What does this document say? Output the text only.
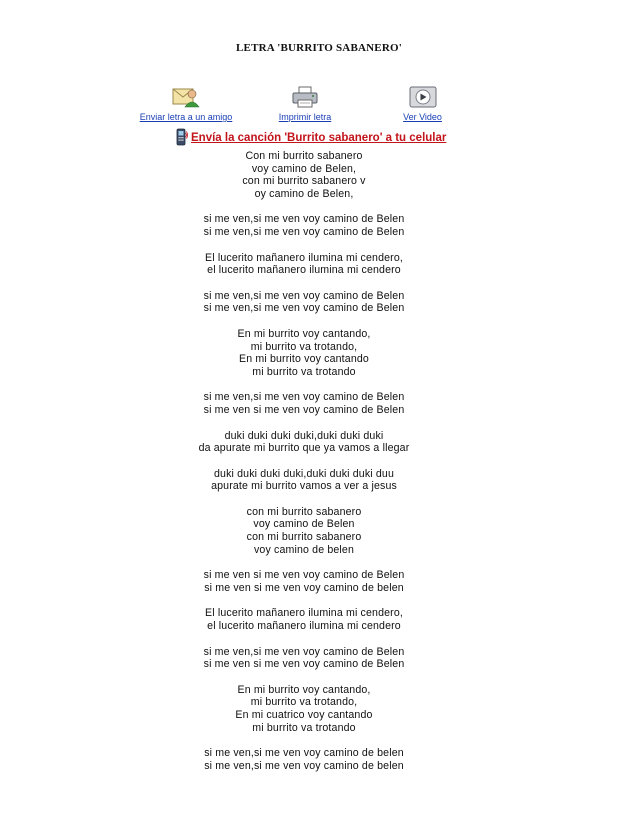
LETRA 'BURRITO SABANERO'
Enviar letra a un amigo	Imprimir letra	Ver Video
Envía la canción 'Burrito sabanero' a tu celular
Con mi burrito sabanero
voy camino de Belen,
con mi burrito sabanero v
oy camino de Belen,
si me ven,si me ven voy camino de Belen
si me ven,si me ven voy camino de Belen
El lucerito mañanero ilumina mi cendero,
el lucerito mañanero ilumina mi cendero
si me ven,si me ven voy camino de Belen
si me ven,si me ven voy camino de Belen
En mi burrito voy cantando,
mi burrito va trotando,
En mi burrito voy cantando
mi burrito va trotando
si me ven,si me ven voy camino de Belen
si me ven si me ven voy camino de Belen
duki duki duki duki,duki duki duki
da apurate mi burrito que ya vamos a llegar
duki duki duki duki,duki duki duki duu
apurate mi burrito vamos a ver a jesus
con mi burrito sabanero
voy camino de Belen
con mi burrito sabanero
voy camino de belen
si me ven si me ven voy camino de Belen
si me ven si me ven voy camino de belen
El lucerito mañanero ilumina mi cendero,
el lucerito mañanero ilumina mi cendero
si me ven,si me ven voy camino de Belen
si me ven si me ven voy camino de Belen
En mi burrito voy cantando,
mi burrito va trotando,
En mi cuatrico voy cantando
mi burrito va trotando
si me ven,si me ven voy camino de belen
si me ven,si me ven voy camino de belen
